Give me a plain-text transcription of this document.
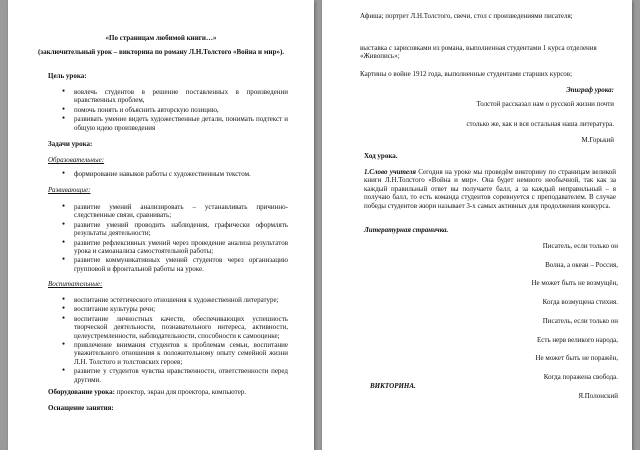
«По страницам любимой книги…»

(заключительный урок – викторина по роману Л.Н.Толстого «Война и мир»).

Цель урока:

● вовлечь студентов в решение поставленных в произведении нравственных проблем,
● помочь понять и объяснить авторскую позицию,
● развивать умение видеть художественные детали, понимать подтекст и общую идею произведения

Задачи урока:

Образовательные:

● формирование навыков работы с художественным текстом.

Развивающие:

● развитие умений анализировать – устанавливать причинно-следственные связи, сравнивать;
● развитие умений проводить наблюдения, графически оформлять результаты деятельности;
● развитие рефлексивных умений через проведение анализа результатов урока и самоанализа самостоятельной работы;
● развитие коммуникативных умений студентов через организацию групповой и фронтальной работы на уроке.

Воспитательные:

● воспитание эстетического отношения к художественной литературе;
● воспитание культуры речи;
● воспитание личностных качеств, обеспечивающих успешность творческой деятельности, познавательного интереса, активности, целеустремленности, наблюдательности, способности к самооценке;
● привлечение внимания студентов к проблемам семьи, воспитание уважительного отношения к положительному опыту семейной жизни Л.Н. Толстого и толстовских героев;
● развитие у студентов чувства нравственности, ответственности перед другими.

Оборудование урока: проектор, экран для проектора, компьютер.

Оснащение занятия:

Афиша; портрет Л.Н.Толстого, свечи, стол с произведениями писателя;

выставка с зарисовками из романа, выполненная студентами 1 курса отделения «Живопись»;

Картины о войне 1912 года, выполненные студентами старших курсов;

Эпиграф урока:

Толстой рассказал нам о русской жизни почти

столько же, как и вся остальная наша литература.

М.Горький

Ход урока.

1.Слово учителя Сегодня на уроке мы проведём викторину по страницам великой книги Л.Н.Толстого «Война и мир». Она будет немного необычной, так как за каждый правильный ответ вы получаете балл, а за каждый неправильный – я получаю балл, то есть команда студентов соревнуется с преподавателем. В случае победы студентов жюри называет 3-х самых активных для продолжения конкурса.

Литературная страничка.

Писатель, если только он
Волна, а океан – Россия,
Не может быть не возмущён,
Когда возмущена стихия.
Писатель, если только он
Есть нерв великого народа,
Не может быть не поражён,
Когда поражена свобода.
Я.Полонский

ВИКТОРИНА.
